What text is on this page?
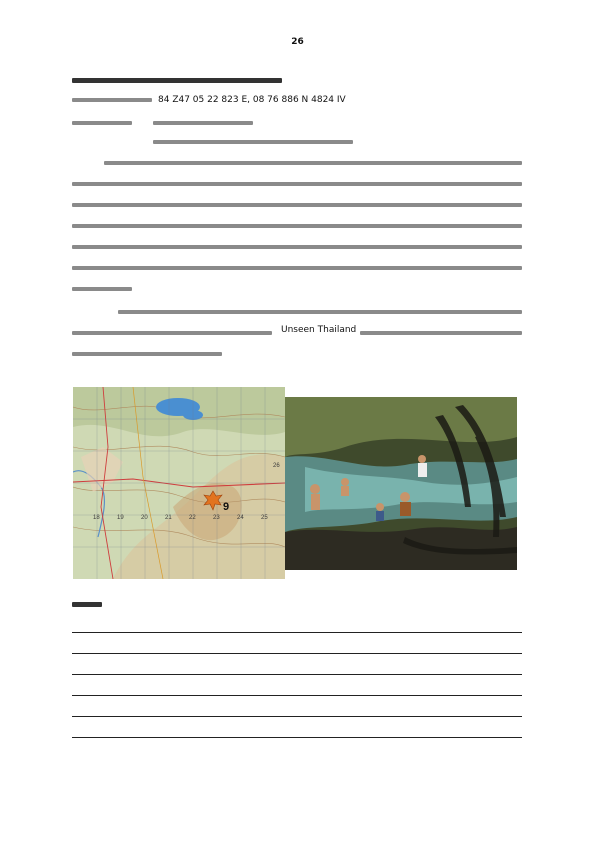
26
84 Z47 05 22 823 E, 08 76 886 N 4824 IV
Unseen Thailand
18	19	20	21	22	23	24	25
26
9
